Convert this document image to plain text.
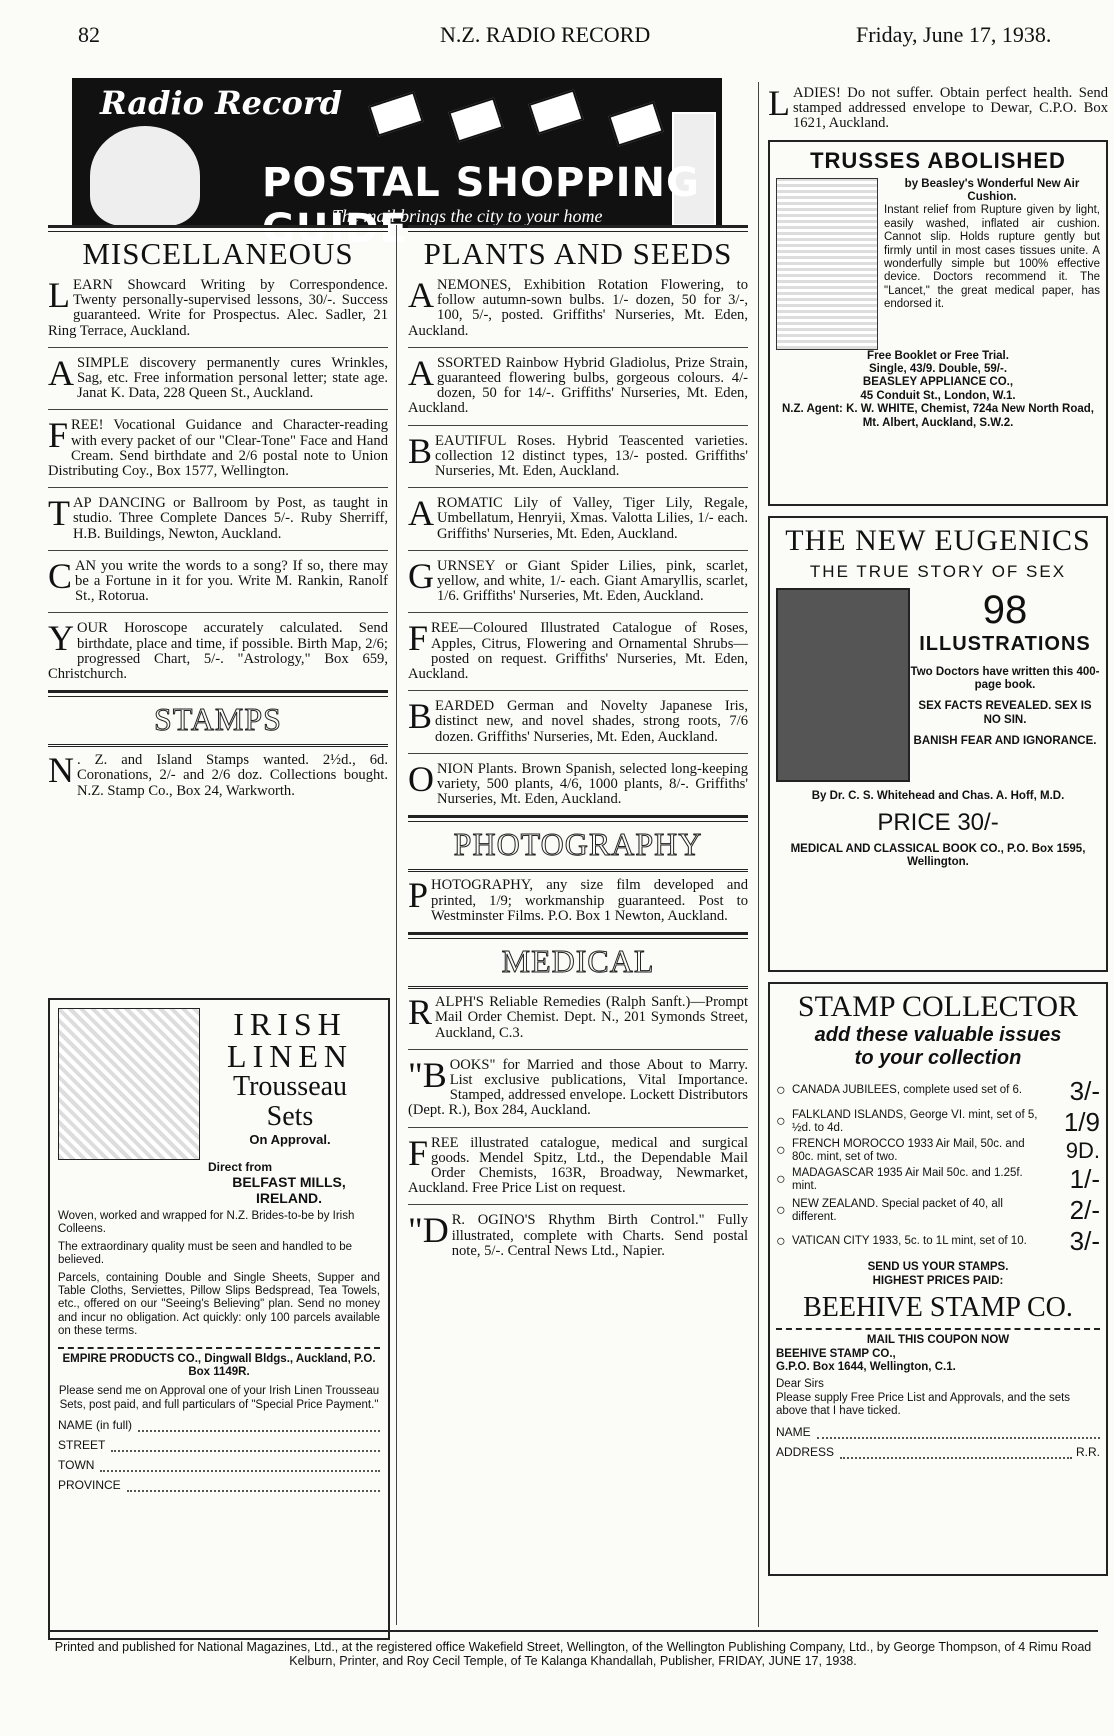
82	N.Z. RADIO RECORD	Friday, June 17, 1938.
Radio Record
POSTAL SHOPPING GUIDE
The mail brings the city to your home
MISCELLANEOUS
LEARN Showcard Writing by Correspondence. Twenty personally-supervised lessons, 30/-. Success guaranteed. Write for Prospectus. Alec. Sadler, 21 Ring Terrace, Auckland.
A SIMPLE discovery permanently cures Wrinkles, Sag, etc. Free information personal letter; state age. Janat K. Data, 228 Queen St., Auckland.
FREE! Vocational Guidance and Character-reading with every packet of our "Clear-Tone" Face and Hand Cream. Send birthdate and 2/6 postal note to Union Distributing Coy., Box 1577, Wellington.
TAP DANCING or Ballroom by Post, as taught in studio. Three Complete Dances 5/-. Ruby Sherriff, H.B. Buildings, Newton, Auckland.
CAN you write the words to a song? If so, there may be a Fortune in it for you. Write M. Rankin, Ranolf St., Rotorua.
YOUR Horoscope accurately calculated. Send birthdate, place and time, if possible. Birth Map, 2/6; progressed Chart, 5/-. "Astrology," Box 659, Christchurch.
STAMPS
N . Z. and Island Stamps wanted. 2½d., 6d. Coronations, 2/- and 2/6 doz. Collections bought. N.Z. Stamp Co., Box 24, Warkworth.
IRISH
LINEN
Trousseau
Sets
On Approval.
Direct from
BELFAST MILLS, IRELAND.
Woven, worked and wrapped for N.Z. Brides-to-be by Irish Colleens.
The extraordinary quality must be seen and handled to be believed.
Parcels, containing Double and Single Sheets, Supper and Table Cloths, Serviettes, Pillow Slips Bedspread, Tea Towels, etc., offered on our "Seeing's Believing" plan. Send no money and incur no obligation. Act quickly: only 100 parcels available on these terms.
EMPIRE PRODUCTS CO., Dingwall Bldgs., Auckland, P.O. Box 1149R.
Please send me on Approval one of your Irish Linen Trousseau Sets, post paid, and full particulars of "Special Price Payment."
NAME (in full)
STREET
TOWN
PROVINCE
PLANTS AND SEEDS
ANEMONES, Exhibition Rotation Flowering, to follow autumn-sown bulbs. 1/- dozen, 50 for 3/-, 100, 5/-, posted. Griffiths' Nurseries, Mt. Eden, Auckland.
ASSORTED Rainbow Hybrid Gladiolus, Prize Strain, guaranteed flowering bulbs, gorgeous colours. 4/- dozen, 50 for 14/-. Griffiths' Nurseries, Mt. Eden, Auckland.
BEAUTIFUL Roses. Hybrid Teascented varieties. collection 12 distinct types, 13/- posted. Griffiths' Nurseries, Mt. Eden, Auckland.
AROMATIC Lily of Valley, Tiger Lily, Regale, Umbellatum, Henryii, Xmas. Valotta Lilies, 1/- each. Griffiths' Nurseries, Mt. Eden, Auckland.
GURNSEY or Giant Spider Lilies, pink, scarlet, yellow, and white, 1/- each. Giant Amaryllis, scarlet, 1/6. Griffiths' Nurseries, Mt. Eden, Auckland.
FREE—Coloured Illustrated Catalogue of Roses, Apples, Citrus, Flowering and Ornamental Shrubs—posted on request. Griffiths' Nurseries, Mt. Eden, Auckland.
BEARDED German and Novelty Japanese Iris, distinct new, and novel shades, strong roots, 7/6 dozen. Griffiths' Nurseries, Mt. Eden, Auckland.
ONION Plants. Brown Spanish, selected long-keeping variety, 500 plants, 4/6, 1000 plants, 8/-. Griffiths' Nurseries, Mt. Eden, Auckland.
PHOTOGRAPHY
PHOTOGRAPHY, any size film developed and printed, 1/9; workmanship guaranteed. Post to Westminster Films. P.O. Box 1 Newton, Auckland.
MEDICAL
RALPH'S Reliable Remedies (Ralph Sanft.)—Prompt Mail Order Chemist. Dept. N., 201 Symonds Street, Auckland, C.3.
"BOOKS" for Married and those About to Marry. List exclusive publications, Vital Importance. Stamped, addressed envelope. Lockett Distributors (Dept. R.), Box 284, Auckland.
FREE illustrated catalogue, medical and surgical goods. Mendel Spitz, Ltd., the Dependable Mail Order Chemists, 163R, Broadway, Newmarket, Auckland. Free Price List on request.
"D R. OGINO'S Rhythm Birth Control." Fully illustrated, complete with Charts. Send postal note, 5/-. Central News Ltd., Napier.
LADIES! Do not suffer. Obtain perfect health. Send stamped addressed envelope to Dewar, C.P.O. Box 1621, Auckland.
TRUSSES ABOLISHED
by Beasley's Wonderful New Air Cushion.
Instant relief from Rupture given by light, easily washed, inflated air cushion. Cannot slip. Holds rupture gently but firmly until in most cases tissues unite. A wonderfully simple but 100% effective device. Doctors recommend it. The "Lancet," the great medical paper, has endorsed it.
Free Booklet or Free Trial.
Single, 43/9. Double, 59/-.
BEASLEY APPLIANCE CO.,
45 Conduit St., London, W.1.
N.Z. Agent: K. W. WHITE, Chemist, 724a New North Road, Mt. Albert, Auckland, S.W.2.
THE NEW EUGENICS
THE TRUE STORY OF SEX
98
ILLUSTRATIONS
Two Doctors have written this 400-page book.
SEX FACTS REVEALED. SEX IS NO SIN.
BANISH FEAR AND IGNORANCE.
By Dr. C. S. Whitehead and Chas. A. Hoff, M.D.
PRICE 30/-
MEDICAL AND CLASSICAL BOOK CO., P.O. Box 1595, Wellington.
STAMP COLLECTOR
add these valuable issues
to your collection
○ CANADA JUBILEES, complete used set of 6.	3/-
○ FALKLAND ISLANDS, George VI. mint, set of 5, ½d. to 4d.	1/9
○ FRENCH MOROCCO 1933 Air Mail, 50c. and 80c. mint, set of two.	9D.
○ MADAGASCAR 1935 Air Mail 50c. and 1.25f. mint.	1/-
○ NEW ZEALAND. Special packet of 40, all different.	2/-
○ VATICAN CITY 1933, 5c. to 1L mint, set of 10.	3/-
SEND US YOUR STAMPS.
HIGHEST PRICES PAID:
BEEHIVE STAMP CO.
MAIL THIS COUPON NOW
BEEHIVE STAMP CO.,
G.P.O. Box 1644, Wellington, C.1.
Dear Sirs
Please supply Free Price List and Approvals, and the sets above that I have ticked.
NAME
ADDRESS	R.R.
Printed and published for National Magazines, Ltd., at the registered office Wakefield Street, Wellington, of the Wellington Publishing Company, Ltd., by George Thompson, of 4 Rimu Road Kelburn, Printer, and Roy Cecil Temple, of Te Kalanga Khandallah, Publisher, FRIDAY, JUNE 17, 1938.
